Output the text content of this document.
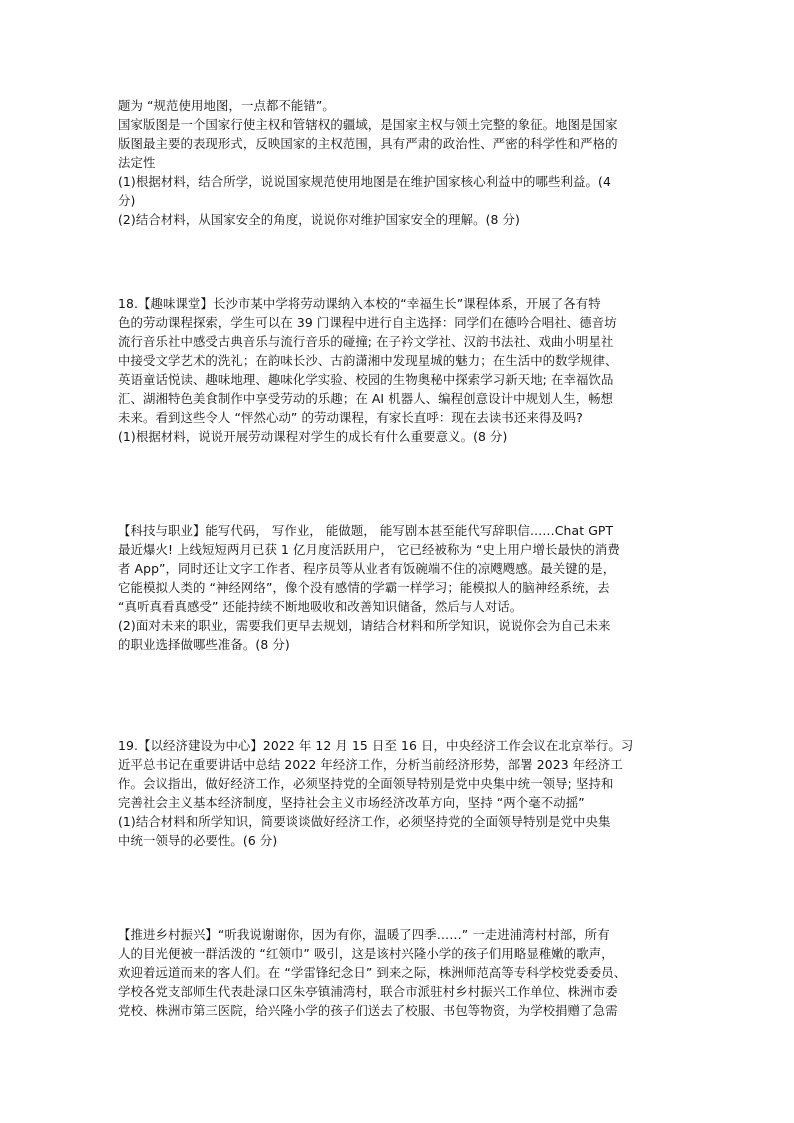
题为 “规范使用地图，一点都不能错”。
国家版图是一个国家行使主权和管辖权的疆域，是国家主权与领土完整的象征。地图是国家
版图最主要的表现形式，反映国家的主权范围，具有严肃的政治性、严密的科学性和严格的
法定性
(1)根据材料，结合所学，说说国家规范使用地图是在维护国家核心利益中的哪些利益。(4
分)
(2)结合材料，从国家安全的角度，说说你对维护国家安全的理解。(8 分)
18.【趣味课堂】长沙市某中学将劳动课纳入本校的“幸福生长”课程体系，开展了各有特
色的劳动课程探索，学生可以在 39 门课程中进行自主选择：同学们在德吟合唱社、德音坊
流行音乐社中感受古典音乐与流行音乐的碰撞; 在子衿文学社、汉韵书法社、戏曲小明星社
中接受文学艺术的洗礼；在韵味长沙、古韵潇湘中发现星城的魅力；在生活中的数学规律、
英语童话悦读、趣味地理、趣味化学实验、校园的生物奥秘中探索学习新天地; 在幸福饮品
汇、湖湘特色美食制作中享受劳动的乐趣；在 AI 机器人、编程创意设计中规划人生，畅想
未来。看到这些令人 “怦然心动” 的劳动课程，有家长直呼：现在去读书还来得及吗?
(1)根据材料，说说开展劳动课程对学生的成长有什么重要意义。(8 分)
【科技与职业】能写代码， 写作业， 能做题， 能写剧本甚至能代写辞职信……Chat GPT
最近爆火! 上线短短两月已获 1 亿月度活跃用户， 它已经被称为 “史上用户增长最快的消费
者 App”，同时还让文字工作者、程序员等从业者有饭碗端不住的凉飕飕感。最关键的是，
它能模拟人类的 “神经网络”，像个没有感情的学霸一样学习；能模拟人的脑神经系统，去
“真听真看真感受” 还能持续不断地吸收和改善知识储备，然后与人对话。
(2)面对未来的职业，需要我们更早去规划，请结合材料和所学知识，说说你会为自己未来
的职业选择做哪些准备。(8 分)
19.【以经济建设为中心】2022 年 12 月 15 日至 16 日，中央经济工作会议在北京举行。习
近平总书记在重要讲话中总结 2022 年经济工作，分析当前经济形势，部署 2023 年经济工
作。会议指出，做好经济工作，必须坚持党的全面领导特别是党中央集中统一领导; 坚持和
完善社会主义基本经济制度，坚持社会主义市场经济改革方向，坚持 “两个毫不动摇”
(1)结合材料和所学知识，简要谈谈做好经济工作，必须坚持党的全面领导特别是党中央集
中统一领导的必要性。(6 分)
【推进乡村振兴】“听我说谢谢你，因为有你，温暖了四季……” 一走进浦湾村村部，所有
人的目光便被一群活泼的 “红领巾” 吸引，这是该村兴隆小学的孩子们用略显稚嫩的歌声，
欢迎着远道而来的客人们。在 “学雷锋纪念日” 到来之际，株洲师范高等专科学校党委委员、
学校各党支部师生代表赴渌口区朱亭镇浦湾村，联合市派驻村乡村振兴工作单位、株洲市委
党校、株洲市第三医院，给兴隆小学的孩子们送去了校服、书包等物资，为学校捐赠了急需
